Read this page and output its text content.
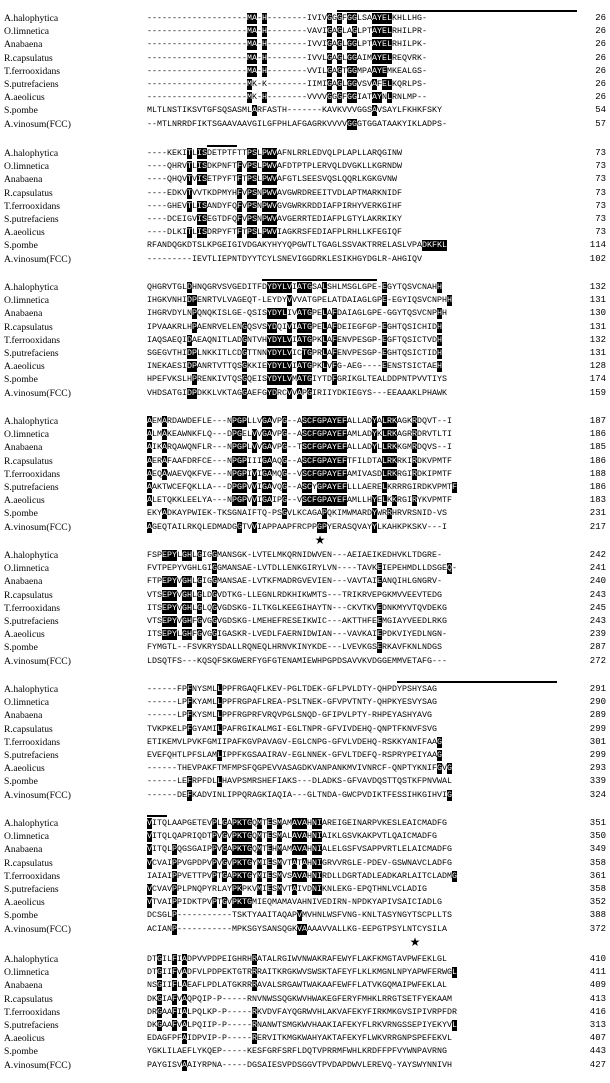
A.halophytica	- - - - - - - - - - - - - - - - - - - - M A - H - - - - - - - - I V I V G G G F G G L S A A Y E L K H L L H G -	26
O.limnetica	- - - - - - - - - - - - - - - - - - - - M A - H - - - - - - - - V A V I G A G L A G L P T A Y E L R H I L P R -	26
Anabaena	- - - - - - - - - - - - - - - - - - - - M A - H - - - - - - - - I V V I G A G L G G L P T A Y E L R H I L P K -	26
R.capsulatus	- - - - - - - - - - - - - - - - - - - - M A - H - - - - - - - - I V V L G A G L G G A I M A Y E L R E Q V R K -	26
T.ferrooxidans	- - - - - - - - - - - - - - - - - - - - M A - H - - - - - - - - V V I L G A G T G G M P A A Y E M K E A L G S -	26
S.putrefaciens	- - - - - - - - - - - - - - - - - - - - M K - K - - - - - - - - I I M I G A G L G G V S V A F E L K Q R L P S -	26
A.aeolicus	- - - - - - - - - - - - - - - - - - - - M K - H - - - - - - - - V V V V G G G F G G I A T A Y N L R N L M P - -	26
S.pombe	M L T L N S T I K S V T G F S Q S A S M L A R F A S T H - - - - - - - K A V K V V V G G S A V S A Y L F K H K F S K Y	54
A.vinosum(FCC)	- - M T L N R R D F I K T S G A A V A A V G I L G F P H L A F G A G R K V V V V G G G T G G A T A A K Y I K L A D P S -	57
A.halophytica	- - - - K E K I T L I S D E T P T F T T P S L P W V A F N L R R L E D V Q L P L A P L L A R Q G I N W	73
O.limnetica	- - - - Q H R V T L I S D K P N F T F V P S L P W V A F D T P T P L E R V Q L D V G K L L K G R N D W	73
Anabaena	- - - - Q H Q V T V I S E T P Y F T F T P S L P W V A F G T L S E E S V Q S L Q Q R L K G K G V N W	73
R.capsulatus	- - - - E D K V T V V T K D P M Y H F V P S N P W V A V G W R D R E E I T V D L A P T M A R K N I D F	73
T.ferrooxidans	- - - - G H E V T L I S A N D Y F Q F V P S N P W V G V G W R K R D D I A F P I R H Y V E R K G I H F	73
S.putrefaciens	- - - - D C E I G V I S E G T D F Q F V P S N P W V A V G E R R T E D I A F P L G T Y L A K R K I K Y	73
A.aeolicus	- - - - D L K I T L I S D R P Y F T F T P S L P W V I A G K R S F E D I A F P L R H L L K F E G I Q F	73
S.pombe	R F A N D Q G K D T S L K P G E I G I V D G A K Y H Y Y Q P G W T L T G A G L S S V A K T R R E L A S L V P A D K F K L	114
A.vinosum(FCC)	- - - - - - - - - I E V T L I E P N T D Y Y T C Y L S N E V I G G D R K L E S I K H G Y D G L R - A H G I Q V	102
A.halophytica	Q H G R V T G L D H N Q G R V S V G E D I T F D Y D Y L V I A T G S A L S H L M S G L G P E - E G Y T Q S V C N A H H	132
O.limnetica	I H G K V N H I D P E N R T V L V A G E Q T - L E Y D Y V V V A T G P E L A T D A I A G L G P E - E G Y I Q S V C N P H H	131
Anabaena	I H G R V D Y L N P Q N Q K I S L G E - Q S I S Y D Y L I V A T G P E L A F D A I A G L G P E - G G Y T Q S V C N P H H	130
R.capsulatus	I P V A A K R L H P A E N R V E L E N G Q S V S Y D Q I V I A T G P E L A F D E I E G F G P - E G H T Q S I C H I D H	131
T.ferrooxidans	I A Q S A E Q I D A E A Q N I T L A D G N T V H Y D Y L V I A T G P K L A F E N V P E S G P - E G F T Q S I C T V D H	132
S.putrefaciens	S G E G V T H I D P L N K K I T L C D G T T N N Y D Y L V I C T G P R L A F E N V P E S G P - E G H T Q S I C T I D H	131
A.aeolicus	I N E K A E S I D P A N R T V T T Q S G K K I E Y D Y L V I A T G P K L V F G - A E G - - - - E E N S T S I C T A E H	128
S.pombe	H P E F V K S L H P R E N K I V T Q S G Q E I S Y D Y L V M A T G I Y T D F G R I K G L T E A L D D P N T P V V T I Y S	174
A.vinosum(FCC)	V H D S A T G I D P D K K L V K T A G G A E F G Y D R C V V A P G I R I I Y D K I E G Y S - - - E E A A A K L P H A W K	159
A.halophytica	A E M A R D A W D E F L E - - - N P G P L L V G A V P G - - A S C F G P A Y E F A L L A D Y A L R K A G K R D Q V T - - I	187
O.limnetica	A L M A K E A W N K F L Q - - - D P G E L V V G A V P G - - A S C F G P A Y E F A M L A D Y K L R K A G R R D R V T L T I	186
Anabaena	A I K A R Q A W Q N F L R - - - N P G P L V V G A V P G - - T S C F G P A Y E F A L L A D Y L L R K K G M R D Q V S - - I	185
R.capsulatus	A E R A F A A F D R F C E - - - N P G P I I I G A A Q G - - A S C F G P A Y E F T F I L D T A L R K R K I R D K V P M T F	186
T.ferrooxidans	A E Q A W A E V Q K F V E - - - N P G P I V I G A M Q G - - V S C F G P A Y E F A M I V A S D L R K R G I R D K I P M T F	188
S.putrefaciens	A A K T W C E F Q K L L A - - - D P G P V V I G A V Q G - - A S C Y G P A Y E F L L L A E R E L K R R R G I R D K V P M T F	186
A.aeolicus	A L E T Q K K L E E L Y A - - - N P G P V V I G A I P G - - V S C F G P A Y E F A M L L H Y E L K K R G I R Y K V P M T F	183
S.pombe	E K Y A D K A Y P W I E K - T K S G N A I F T Q - P S G V L K C A G A P Q K I M W M A R D Y W R R H R V R S N I D - V S	231
A.vinosum(FCC)	A G E Q T A I L R K Q L E D M A D G G T V V I A P P A A P F R C P P G P Y E R A S Q V A Y Y L K A H K P K S K V - - - I	217
★
A.halophytica	F S P E P Y L G H L G I G G M A N S G K - L V T E L M K Q R N I D W V E N - - - A E I A E I K E D H V K L T D G R E -	242
O.limnetica	F V T P E P Y V G H L G I G G M A N S A E - L V T D L L E N K G I R Y L V N - - - - T A V K E I E P E H M D L L D S G E Q -	241
Anabaena	F T P E P Y V G H L G I G G M A N S A E - L V T K F M A D R G V E V I E N - - - V A V T A I E A N Q I H L G N G R V -	240
R.capsulatus	V T S E P Y V G H L G L D G V D T K G - L L E G N L R D K H I K W M T S - - - T R I K R V E P G K M V V E E V T E D G	243
T.ferrooxidans	I T S E P Y V G H L G L Q G V G D S K G - I L T K G L K E E G I H A Y T N - - - C K V T K V E D N K M Y V T Q V D E K G	245
S.putrefaciens	V T S E P Y V G H F G V G G V G D S K G - L M E H E F R E S E I K W I C - - - A K T T H F E E M G I A Y V E E D L R K G	243
A.aeolicus	I T S E P Y L G H F G V G G I G A S K R - L V E D L F A E R N I D W I A N - - - V A V K A I E P D K V I Y E D L N G N -	239
S.pombe	F Y M G T L - - F S V K R Y S D A L L R Q N E Q L H R N V K I N Y K D E - - - L V E V K G S E R K A V F K N L N D G S	287
A.vinosum(FCC)	L D S Q T F S - - - K Q S Q F S K G W E R F Y G F G T E N A M I E W H P G P D S A V V K V D G G E M M V E T A F G - - -	272
A.halophytica	- - - - - - F P F N Y S M L L P P F R G A Q F L K E V - P G L T D E K - G F L P V L D T Y - Q H P D Y P S H Y S A G	291
O.limnetica	- - - - - - L P F K Y A M L L P P F R G P A F L R E A - P S L T N E K - G F V P V T N T Y - Q H P K Y E S V Y S A G	290
Anabaena	- - - - - - L P F K Y S M L L P P F R G P R F V R Q V P G L S N Q D - G F I P V L P T Y - R H P E Y A S H Y A V G	289
R.capsulatus	T V K P K E L P F G Y A M I L P A F R G I K A L M G I - E G L T N P R - G F V I V D E H Q - Q N P T F K N V F S V G	299
T.ferrooxidans	E T I K E M V L P V K F G M I I P A F K G V P A V A G V - E G L C N P G - G F V L V D E H Q - R S K K Y A N I F A A G	301
S.putrefaciens	E V E F Q H T L P F S L A M L I P P F K G S A A I R A V - E G L N N E K - G F V L T D E F Q - R S P R Y P E I Y A A G	299
A.aeolicus	- - - - - - T H E V P A K F T M F M P S F Q G P E V V A S A G D K V A N P A N K M V I V N R C F - Q N P T Y K N I F G V G	293
S.pombe	- - - - - - L E F R P F D L L H A V P S M R S H E F I A K S - - - D L A D K S - G F V A V D Q S T T Q S T K F P N V W A L	339
A.vinosum(FCC)	- - - - - - D E F K A D V I N L I P P Q R A G K I A Q I A - - - G L T N D A - G W C P V D I K T F E S S I H K G I H V I G	324
A.halophytica	V I T Q L A A P G E T E V P L G A P K T G Q M T E S M A M A V A H N I A R E I G E I N A R P V K E S L E A I C M A D F G	351
O.limnetica	V I T Q L Q A P R I Q D T P V G V P K T G Q M T E S M A L A V A H N I A I K L G S V K A K P V T L Q A I C M A D F G	350
Anabaena	V I T Q L P Q G S G A I P P V G A P K T G Q M T E H M A M A V A H N I A L E L G S F V S A P P V R T L E L A I C M A D F G	349
R.capsulatus	V C V A I P P V G P D P V P V G V P K T G Y M I E S M V T A T A H N I G R V V R G L E - P D E V - G S W N A V C L A D F G	358
T.ferrooxidans	I A I A I P P V E T T P V P T G A P K T G Y M I E S M V S A V A H N I R D L L D G R T A D L E A D K A R L A I T C L A D M G	361
S.putrefaciens	V C V A V P P L P N Q P Y R L A Y P K P K V M I E S M V T A I V D N I K N L E K G - E P Q T H N L V C L A D I G	358
A.aeolicus	V T V A I P P I D K T P V P T G V P K T G M I E Q M A M A V A H N I V E D I R N - N P D K Y A P I V S A I C I A D L G	352
S.pombe	D C S G L P - - - - - - - - - - - T S K T Y A A I T A Q A P V M V H N L W S F V N G - K N L T A S Y N G Y T S C P L L T S	388
A.vinosum(FCC)	A C I A N P - - - - - - - - - - - M P K S G Y S A N S Q G K V A A A A V V A L L K G - E E P G T P S Y L N T C Y S I L A	372
★
A.halophytica	D T G I L F I A D P V V P D P E I G H R H R A T A L R G I W V N W A K R A F E W Y F L A K F K M G T A V P W F E K L G L	410
O.limnetica	D T G I I F V A D F V L P D P E K T G T R R R A I T K R G K W V S W S K T A F E Y F L K L K M G N L N P Y A P W F E R W G L	411
Anabaena	N S G I I F L A E A F L P D L A T G K R R R A V A L S R G A W T W A K A A F E W F F L A T V K G Q M A I P W F E K L A L	409
R.capsulatus	D K G I A F V A Q P Q I P - P - - - - - R N V N W S S Q G K W V H W A K E G F E R Y F M H K L R R G T S E T F Y E K A A M	413
T.ferrooxidans	D R G A A F I A L P Q L K P - P - - - - - R K V D V F A Y Q G R W V H L A K V A F E K Y F I R K M K G V S I P I V R P F D R	416
S.putrefaciens	D K G A A F V A L P Q I I P - P - - - - - R N A N W T S M G K W V H A A K I A F E K Y F L R K V R N G S S E P I Y E K Y V L	313
A.aeolicus	E D A G F P F A I D P V I P - P - - - - - R E R V I T K M G K W A H Y A K T A F E K Y F L W K V R R G N P S P E F E K V L	407
S.pombe	Y G K L I L A E F L Y K Q E P - - - - - K E S F G R F S R F L D Q T V P R R M F W H L K R D F F P F V Y W N P A V R N G	443
A.vinosum(FCC)	P A Y G I S V A A I Y R P N A - - - - - D G S A I E S V P D S G G V T P V D A P D W V L E R E V Q - Y A Y S W Y N N I V H	427
